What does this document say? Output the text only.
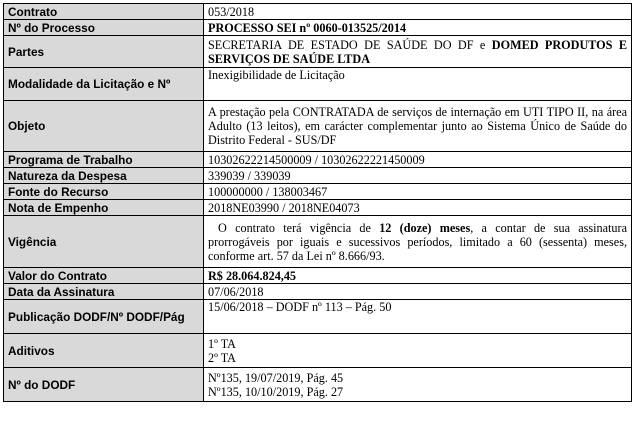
Contrato	053/2018
Nº do Processo	PROCESSO SEI nº 0060-013525/2014
Partes	SECRETARIA DE ESTADO DE SAÚDE DO DF e DOMED PRODUTOS E SERVIÇOS DE SAÚDE LTDA
Modalidade da Licitação e Nº	Inexigibilidade de Licitação
Objeto	A prestação pela CONTRATADA de serviços de internação em UTI TIPO II, na área Adulto (13 leitos), em carácter complementar junto ao Sistema Único de Saúde do Distrito Federal - SUS/DF
Programa de Trabalho	10302622214500009 / 10302622221450009
Natureza da Despesa	339039 / 339039
Fonte do Recurso	100000000 / 138003467
Nota de Empenho	2018NE03990 / 2018NE04073
Vigência	O contrato terá vigência de 12 (doze) meses, a contar de sua assinatura prorrogáveis por iguais e sucessivos períodos, limitado a 60 (sessenta) meses, conforme art. 57 da Lei nº 8.666/93.
Valor do Contrato	R$ 28.064.824,45
Data da Assinatura	07/06/2018
Publicação DODF/Nº DODF/Pág	15/06/2018 – DODF nº 113 – Pág. 50
Aditivos	1º TA
2º TA

Nº do DODF	Nº135, 19/07/2019, Pág. 45
Nº135, 10/10/2019, Pág. 27
